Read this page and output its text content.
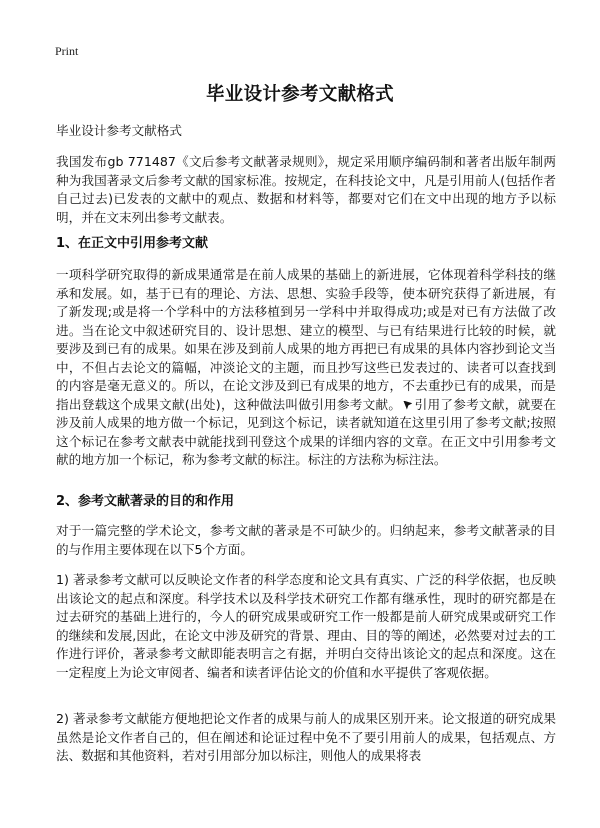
Print
毕业设计参考文献格式

毕业设计参考文献格式

我国发布gb 771487《文后参考文献著录规则》，规定采用顺序编码制和著者出版年制两种为我国著录文后参考文献的国家标准。按规定，在科技论文中，凡是引用前人(包括作者自己过去)已发表的文献中的观点、数据和材料等，都要对它们在文中出现的地方予以标明，并在文末列出参考文献表。

1、在正文中引用参考文献

一项科学研究取得的新成果通常是在前人成果的基础上的新进展，它体现着科学科技的继承和发展。如，基于已有的理论、方法、思想、实验手段等，使本研究获得了新进展，有了新发现;或是将一个学科中的方法移植到另一学科中并取得成功;或是对已有方法做了改进。当在论文中叙述研究目的、设计思想、建立的模型、与已有结果进行比较的时候，就要涉及到已有的成果。如果在涉及到前人成果的地方再把已有成果的具体内容抄到论文当中，不但占去论文的篇幅，冲淡论文的主题，而且抄写这些已发表过的、读者可以查找到的内容是毫无意义的。所以，在论文涉及到已有成果的地方，不去重抄已有的成果，而是指出登载这个成果文献(出处)，这种做法叫做引用参考文献。 引用了参考文献，就要在涉及前人成果的地方做一个标记，见到这个标记，读者就知道在这里引用了参考文献;按照这个标记在参考文献表中就能找到刊登这个成果的详细内容的文章。在正文中引用参考文献的地方加一个标记，称为参考文献的标注。标注的方法称为标注法。

2、参考文献著录的目的和作用

对于一篇完整的学术论文，参考文献的著录是不可缺少的。归纳起来，参考文献著录的目的与作用主要体现在以下5个方面。

1) 著录参考文献可以反映论文作者的科学态度和论文具有真实、广泛的科学依据，也反映出该论文的起点和深度。科学技术以及科学技术研究工作都有继承性，现时的研究都是在过去研究的基础上进行的，今人的研究成果或研究工作一般都是前人研究成果或研究工作的继续和发展,因此，在论文中涉及研究的背景、理由、目的等的阐述，必然要对过去的工作进行评价，著录参考文献即能表明言之有据，并明白交待出该论文的起点和深度。这在一定程度上为论文审阅者、编者和读者评估论文的价值和水平提供了客观依据。

2) 著录参考文献能方便地把论文作者的成果与前人的成果区别开来。论文报道的研究成果虽然是论文作者自己的，但在阐述和论证过程中免不了要引用前人的成果，包括观点、方法、数据和其他资料，若对引用部分加以标注，则他人的成果将表
